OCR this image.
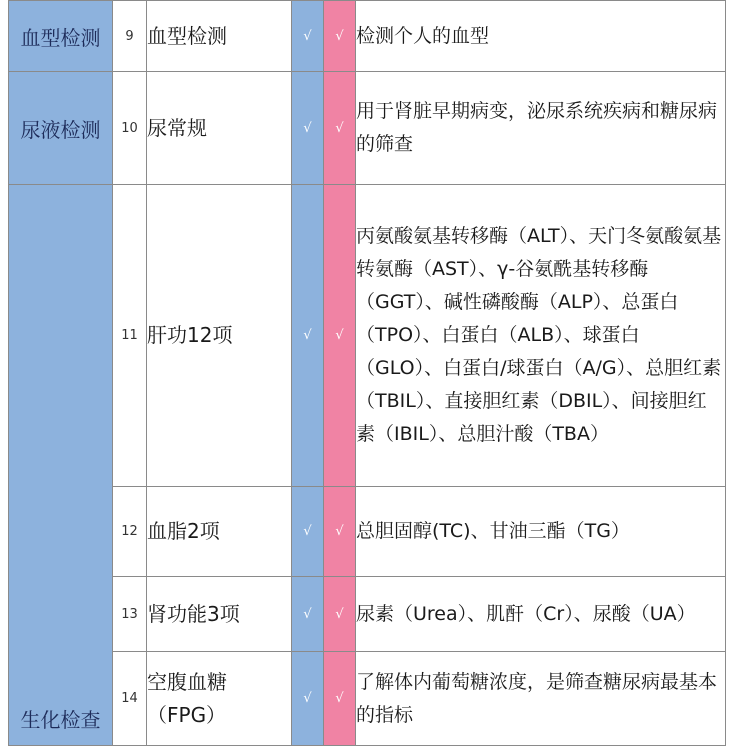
血型检测	9	血型检测	√	√	检测个人的血型
尿液检测	10	尿常规	√	√	用于肾脏早期病变，泌尿系统疾病和糖尿病的筛查
生化检查	11	肝功12项	√	√	丙氨酸氨基转移酶（ALT）、天门冬氨酸氨基转氨酶（AST）、γ-谷氨酰基转移酶（GGT）、碱性磷酸酶（ALP）、总蛋白（TPO）、白蛋白（ALB）、球蛋白（GLO）、白蛋白/球蛋白（A/G）、总胆红素（TBIL）、直接胆红素（DBIL）、间接胆红素（IBIL）、总胆汁酸（TBA）
	12	血脂2项	√	√	总胆固醇(TC)、甘油三酯（TG）
	13	肾功能3项	√	√	尿素（Urea）、肌酐（Cr）、尿酸（UA）
	14	空腹血糖（FPG）	√	√	了解体内葡萄糖浓度，是筛查糖尿病最基本的指标
